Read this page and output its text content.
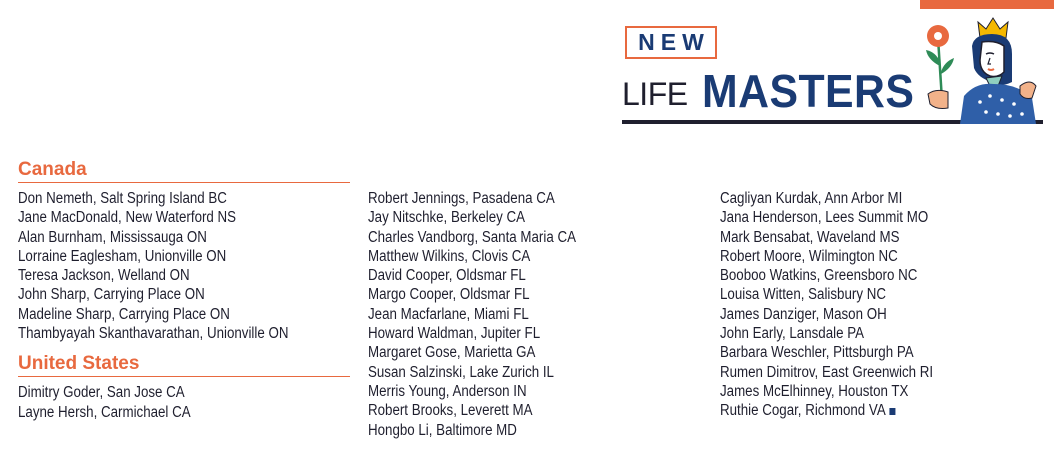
NEW
LIFE MASTERS
Canada
Don Nemeth, Salt Spring Island BC
Jane MacDonald, New Waterford NS
Alan Burnham, Mississauga ON
Lorraine Eaglesham, Unionville ON
Teresa Jackson, Welland ON
John Sharp, Carrying Place ON
Madeline Sharp, Carrying Place ON
Thambyayah Skanthavarathan, Unionville ON
United States
Dimitry Goder, San Jose CA
Layne Hersh, Carmichael CA
Robert Jennings, Pasadena CA
Jay Nitschke, Berkeley CA
Charles Vandborg, Santa Maria CA
Matthew Wilkins, Clovis CA
David Cooper, Oldsmar FL
Margo Cooper, Oldsmar FL
Jean Macfarlane, Miami FL
Howard Waldman, Jupiter FL
Margaret Gose, Marietta GA
Susan Salzinski, Lake Zurich IL
Merris Young, Anderson IN
Robert Brooks, Leverett MA
Hongbo Li, Baltimore MD
Cagliyan Kurdak, Ann Arbor MI
Jana Henderson, Lees Summit MO
Mark Bensabat, Waveland MS
Robert Moore, Wilmington NC
Booboo Watkins, Greensboro NC
Louisa Witten, Salisbury NC
James Danziger, Mason OH
John Early, Lansdale PA
Barbara Weschler, Pittsburgh PA
Rumen Dimitrov, East Greenwich RI
James McElhinney, Houston TX
Ruthie Cogar, Richmond VA
